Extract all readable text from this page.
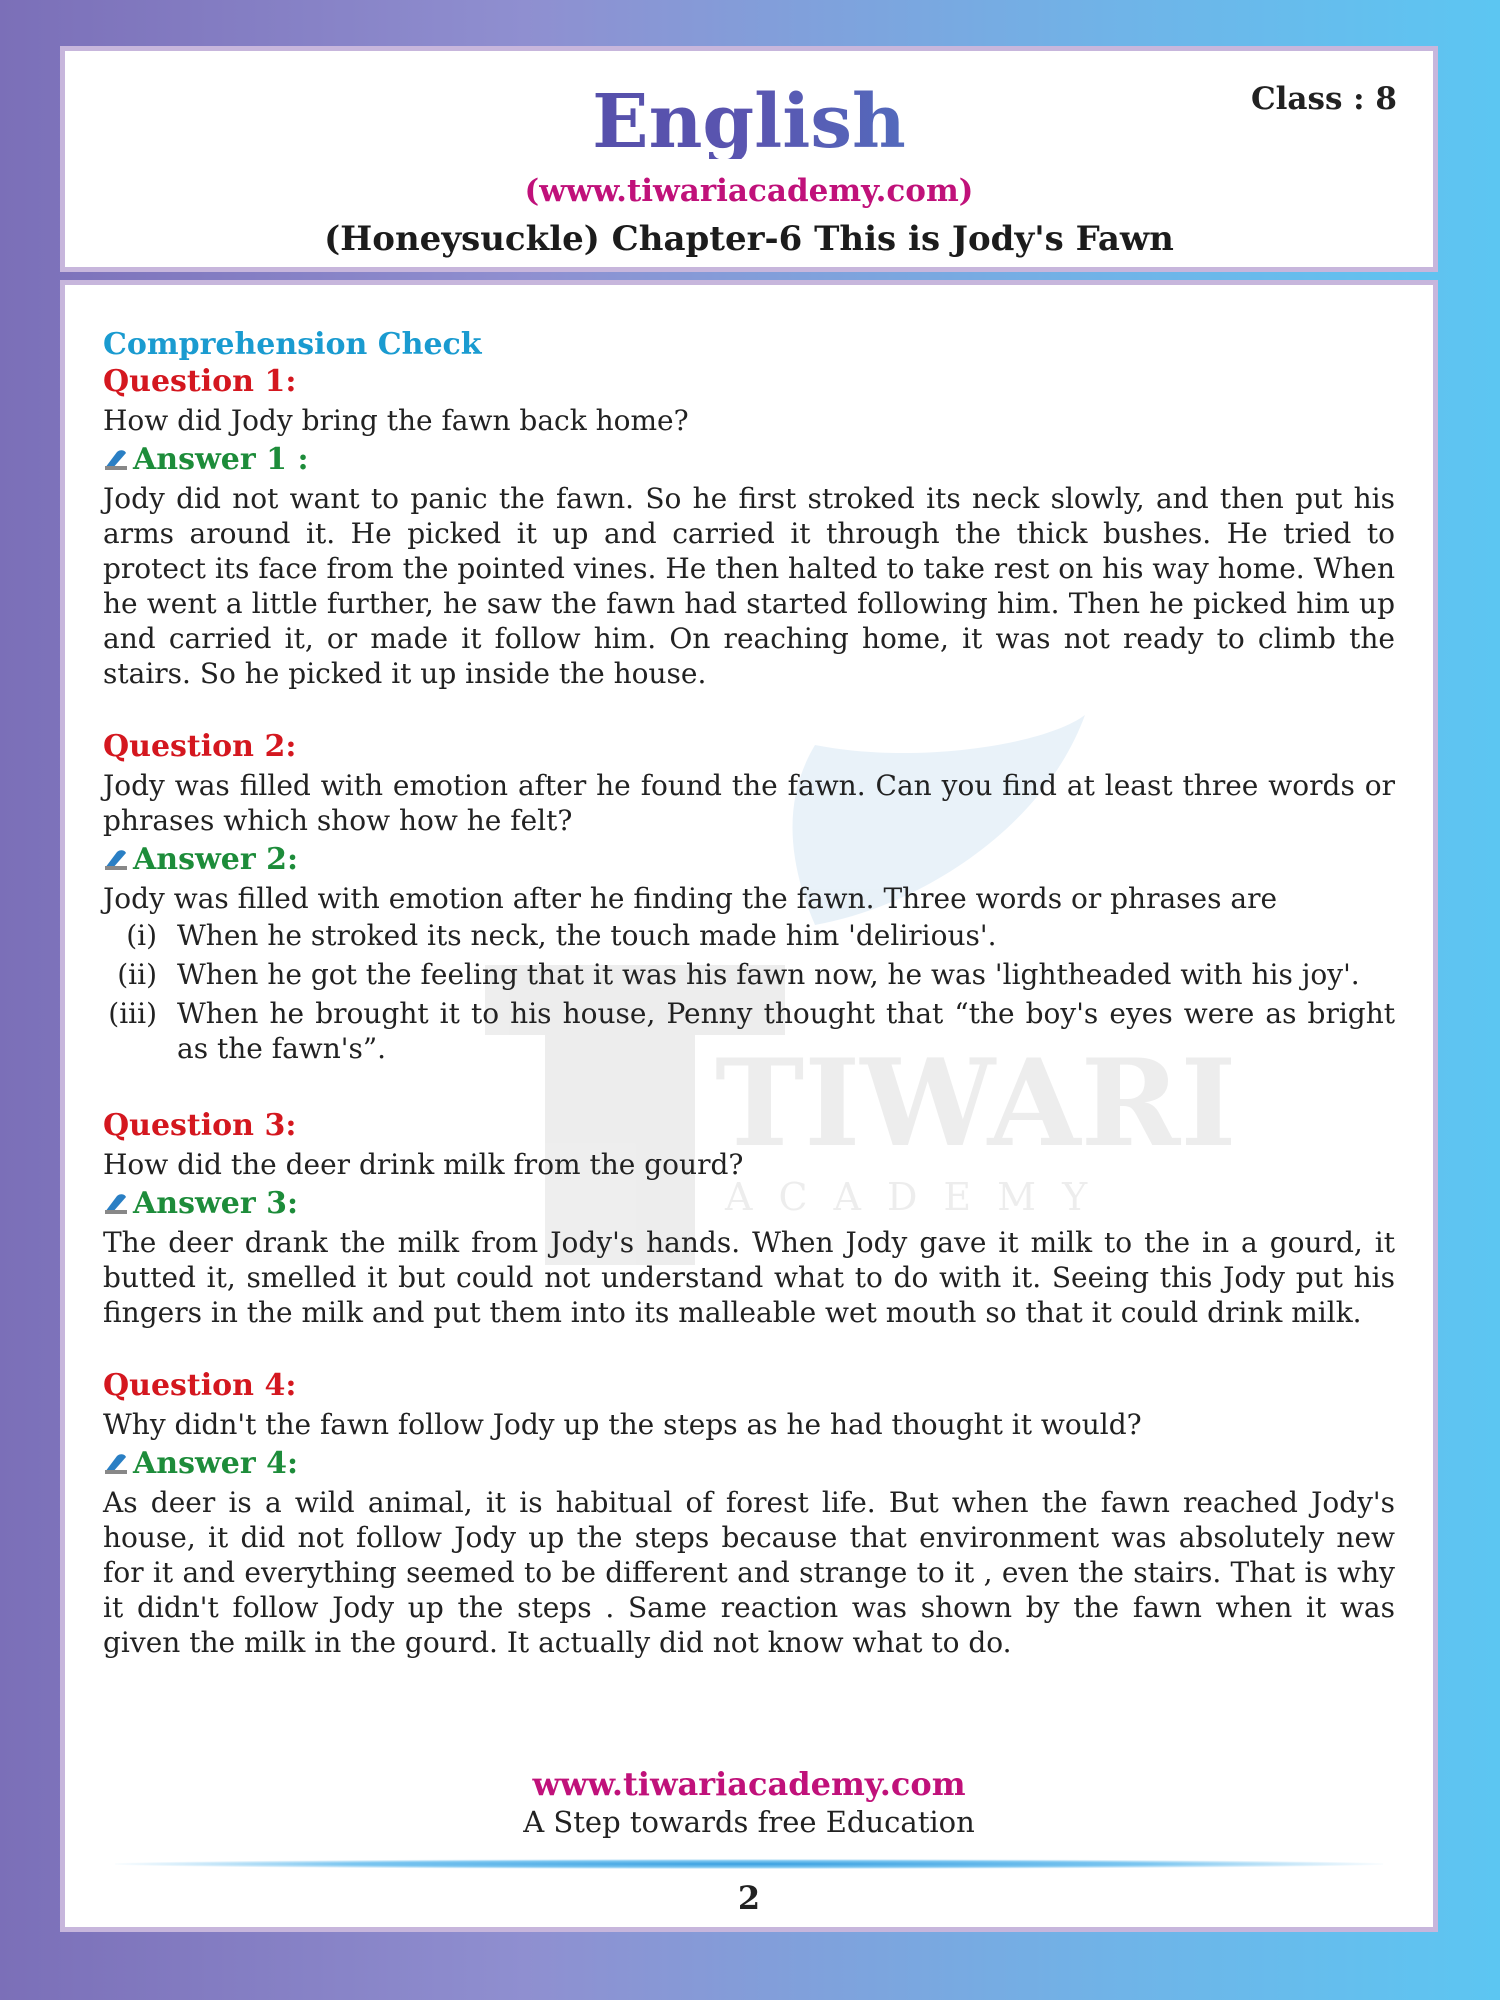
English
(www.tiwariacademy.com)
(Honeysuckle) Chapter-6 This is Jody's Fawn
TIWARI
ACADEMY
Comprehension Check
Question 1:
How did Jody bring the fawn back home?
Answer 1 :
Jody did not want to panic the fawn. So he first stroked its neck slowly, and then put his arms around it. He picked it up and carried it through the thick bushes. He tried to protect its face from the pointed vines. He then halted to take rest on his way home. When he went a little further, he saw the fawn had started following him. Then he picked him up and carried it, or made it follow him. On reaching home, it was not ready to climb the stairs. So he picked it up inside the house.
Question 2:
Jody was filled with emotion after he found the fawn. Can you find at least three words or phrases which show how he felt?
Answer 2:
Jody was filled with emotion after he finding the fawn. Three words or phrases are
(i) When he stroked its neck, the touch made him 'delirious'.
(ii) When he got the feeling that it was his fawn now, he was 'lightheaded with his joy'.
(iii) When he brought it to his house, Penny thought that “the boy's eyes were as bright as the fawn's”.
Question 3:
How did the deer drink milk from the gourd?
Answer 3:
The deer drank the milk from Jody's hands. When Jody gave it milk to the in a gourd, it butted it, smelled it but could not understand what to do with it. Seeing this Jody put his fingers in the milk and put them into its malleable wet mouth so that it could drink milk.
Question 4:
Why didn't the fawn follow Jody up the steps as he had thought it would?
Answer 4:
As deer is a wild animal, it is habitual of forest life. But when the fawn reached Jody's house, it did not follow Jody up the steps because that environment was absolutely new for it and everything seemed to be different and strange to it , even the stairs. That is why it didn't follow Jody up the steps . Same reaction was shown by the fawn when it was given the milk in the gourd. It actually did not know what to do.
www.tiwariacademy.com
A Step towards free Education
2
